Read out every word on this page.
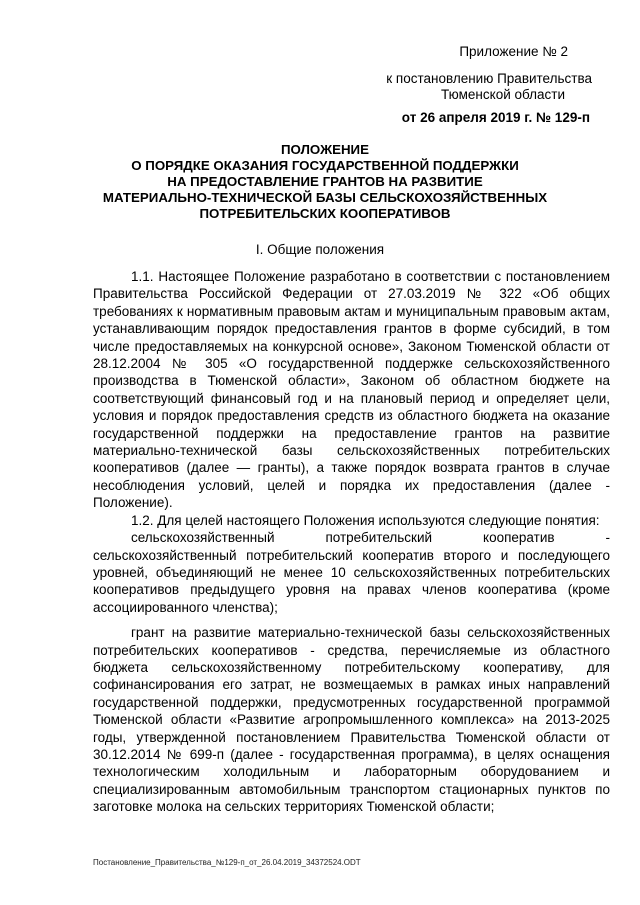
Приложение № 2
к постановлению Правительства
Тюменской области
от 26 апреля 2019 г. № 129-п
ПОЛОЖЕНИЕ
О ПОРЯДКЕ ОКАЗАНИЯ ГОСУДАРСТВЕННОЙ ПОДДЕРЖКИ
НА ПРЕДОСТАВЛЕНИЕ ГРАНТОВ НА РАЗВИТИЕ
МАТЕРИАЛЬНО-ТЕХНИЧЕСКОЙ БАЗЫ СЕЛЬСКОХОЗЯЙСТВЕННЫХ
ПОТРЕБИТЕЛЬСКИХ КООПЕРАТИВОВ
I. Общие положения

1.1. Настоящее Положение разработано в соответствии с постановлением Правительства Российской Федерации от 27.03.2019 № 322 «Об общих требованиях к нормативным правовым актам и муниципальным правовым актам, устанавливающим порядок предоставления грантов в форме субсидий, в том числе предоставляемых на конкурсной основе», Законом Тюменской области от 28.12.2004 № 305 «О государственной поддержке сельскохозяйственного производства в Тюменской области», Законом об областном бюджете на соответствующий финансовый год и на плановый период и определяет цели, условия и порядок предоставления средств из областного бюджета на оказание государственной поддержки на предоставление грантов на развитие материально-технической базы сельскохозяйственных потребительских кооперативов (далее — гранты), а также порядок возврата грантов в случае несоблюдения условий, целей и порядка их предоставления (далее - Положение).

1.2. Для целей настоящего Положения используются следующие понятия:

сельскохозяйственный потребительский кооператив - сельскохозяйственный потребительский кооператив второго и последующего уровней, объединяющий не менее 10 сельскохозяйственных потребительских кооперативов предыдущего уровня на правах членов кооператива (кроме ассоциированного членства);

грант на развитие материально-технической базы сельскохозяйственных потребительских кооперативов - средства, перечисляемые из областного бюджета сельскохозяйственному потребительскому кооперативу, для софинансирования его затрат, не возмещаемых в рамках иных направлений государственной поддержки, предусмотренных государственной программой Тюменской области «Развитие агропромышленного комплекса» на 2013-2025 годы, утвержденной постановлением Правительства Тюменской области от 30.12.2014 № 699-п (далее - государственная программа), в целях оснащения технологическим холодильным и лабораторным оборудованием и специализированным автомобильным транспортом стационарных пунктов по заготовке молока на сельских территориях Тюменской области;

Постановление_Правительства_№129-п_от_26.04.2019_34372524.ODT
